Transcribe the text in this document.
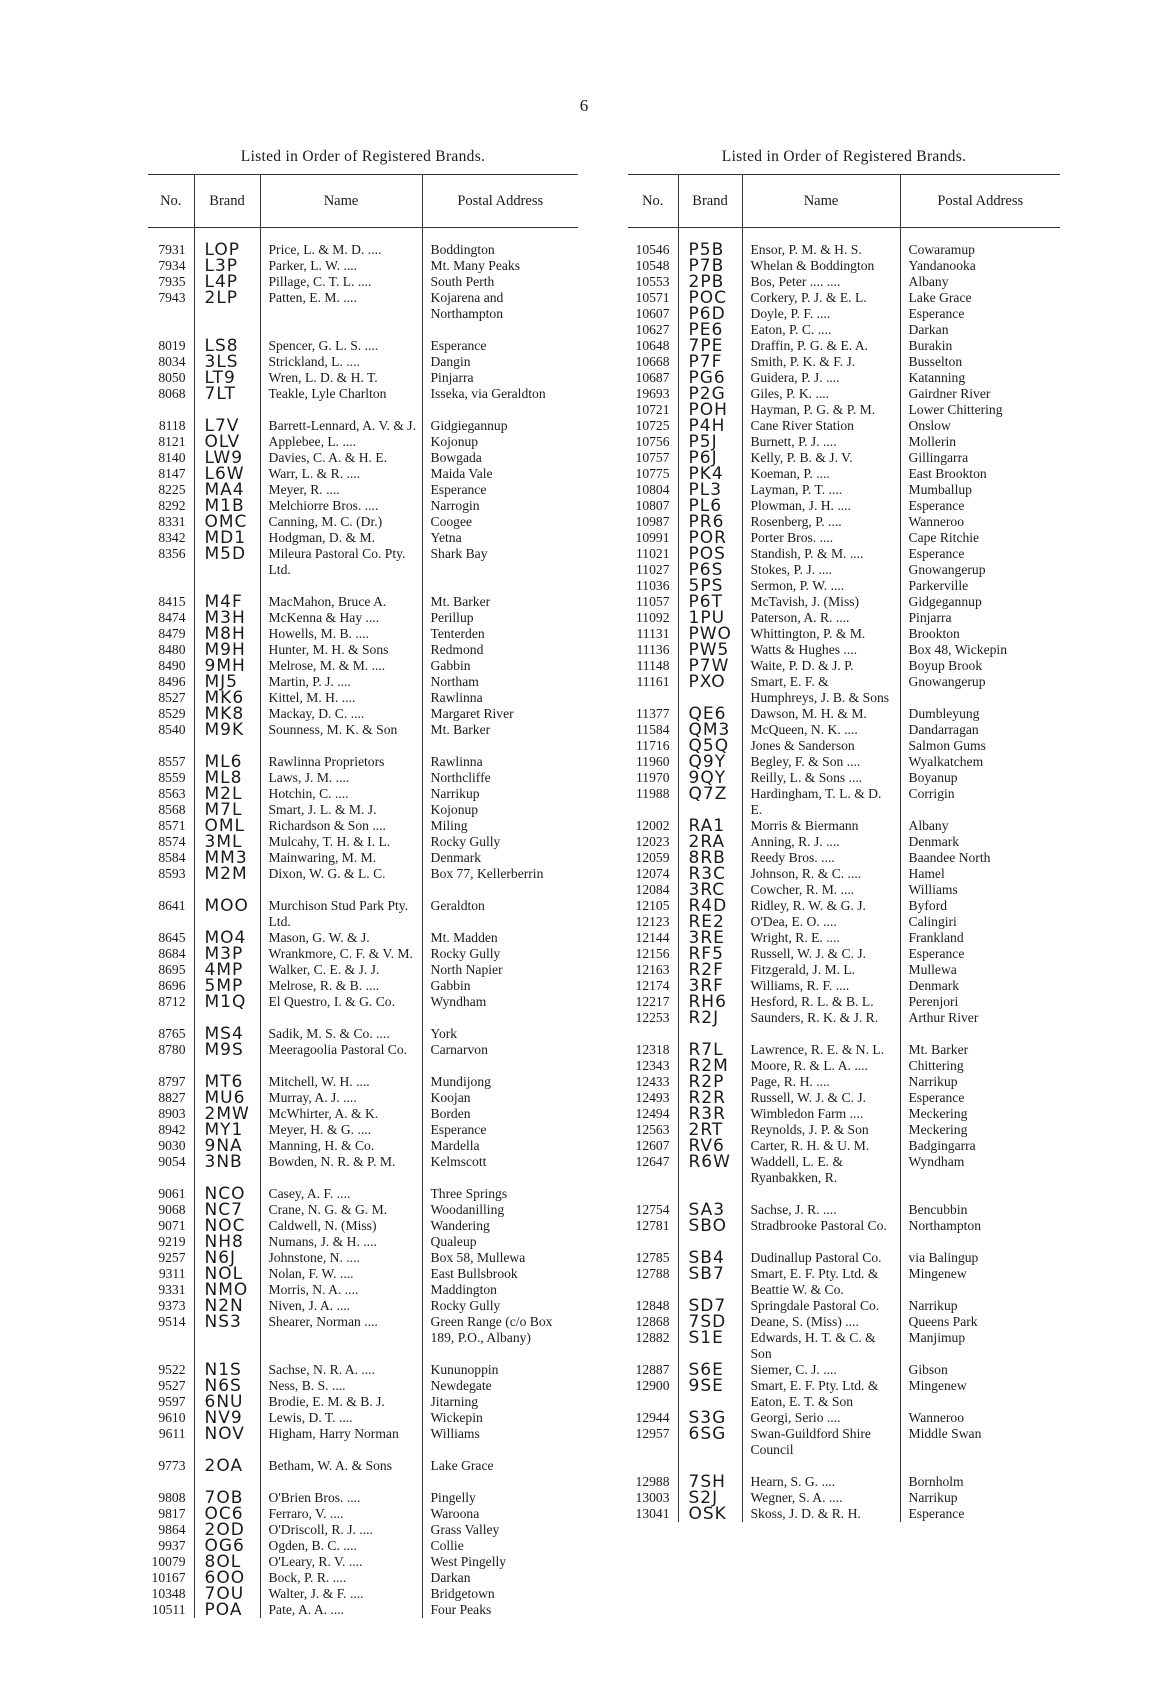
6
Listed in Order of Registered Brands.
No.	Brand	Name	Postal Address
7931	LOP	Price, L. & M. D. ....	Boddington
7934	L3P	Parker, L. W. ....	Mt. Many Peaks
7935	L4P	Pillage, C. T. L. ....	South Perth
7943	2LP	Patten, E. M. ....	Kojarena and Northampton

8019	LS8	Spencer, G. L. S. ....	Esperance
8034	3LS	Strickland, L. ....	Dangin
8050	LT9	Wren, L. D. & H. T.	Pinjarra
8068	7LT	Teakle, Lyle Charlton	Isseka, via Geraldton

8118	L7V	Barrett-Lennard, A. V. & J.	Gidgiegannup
8121	OLV	Applebee, L. ....	Kojonup
8140	LW9	Davies, C. A. & H. E.	Bowgada
8147	L6W	Warr, L. & R. ....	Maida Vale
8225	MA4	Meyer, R. ....	Esperance
8292	M1B	Melchiorre Bros. ....	Narrogin
8331	OMC	Canning, M. C. (Dr.)	Coogee
8342	MD1	Hodgman, D. & M.	Yetna
8356	M5D	Mileura Pastoral Co. Pty. Ltd.	Shark Bay

8415	M4F	MacMahon, Bruce A.	Mt. Barker
8474	M3H	McKenna & Hay ....	Perillup
8479	M8H	Howells, M. B. ....	Tenterden
8480	M9H	Hunter, M. H. & Sons	Redmond
8490	9MH	Melrose, M. & M. ....	Gabbin
8496	MJ5	Martin, P. J. ....	Northam
8527	MK6	Kittel, M. H. ....	Rawlinna
8529	MK8	Mackay, D. C. ....	Margaret River
8540	M9K	Sounness, M. K. & Son	Mt. Barker

8557	ML6	Rawlinna Proprietors	Rawlinna
8559	ML8	Laws, J. M. ....	Northcliffe
8563	M2L	Hotchin, C. ....	Narrikup
8568	M7L	Smart, J. L. & M. J.	Kojonup
8571	OML	Richardson & Son ....	Miling
8574	3ML	Mulcahy, T. H. & I. L.	Rocky Gully
8584	MM3	Mainwaring, M. M.	Denmark
8593	M2M	Dixon, W. G. & L. C.	Box 77, Kellerberrin

8641	MOO	Murchison Stud Park Pty. Ltd.	Geraldton
8645	MO4	Mason, G. W. & J.	Mt. Madden
8684	M3P	Wrankmore, C. F. & V. M.	Rocky Gully
8695	4MP	Walker, C. E. & J. J.	North Napier
8696	5MP	Melrose, R. & B. ....	Gabbin
8712	M1Q	El Questro, I. & G. Co.	Wyndham

8765	MS4	Sadik, M. S. & Co. ....	York
8780	M9S	Meeragoolia Pastoral Co.	Carnarvon

8797	MT6	Mitchell, W. H. ....	Mundijong
8827	MU6	Murray, A. J. ....	Koojan
8903	2MW	McWhirter, A. & K.	Borden
8942	MY1	Meyer, H. & G. ....	Esperance
9030	9NA	Manning, H. & Co.	Mardella
9054	3NB	Bowden, N. R. & P. M.	Kelmscott

9061	NCO	Casey, A. F. ....	Three Springs
9068	NC7	Crane, N. G. & G. M.	Woodanilling
9071	NOC	Caldwell, N. (Miss)	Wandering
9219	NH8	Numans, J. & H. ....	Qualeup
9257	N6J	Johnstone, N. ....	Box 58, Mullewa
9311	NOL	Nolan, F. W. ....	East Bullsbrook
9331	NMO	Morris, N. A. ....	Maddington
9373	N2N	Niven, J. A. ....	Rocky Gully
9514	NS3	Shearer, Norman ....	Green Range (c/o Box 189, P.O., Albany)

9522	N1S	Sachse, N. R. A. ....	Kununoppin
9527	N6S	Ness, B. S. ....	Newdegate
9597	6NU	Brodie, E. M. & B. J.	Jitarning
9610	NV9	Lewis, D. T. ....	Wickepin
9611	NOV	Higham, Harry Norman	Williams

9773	2OA	Betham, W. A. & Sons	Lake Grace

9808	7OB	O'Brien Bros. ....	Pingelly
9817	OC6	Ferraro, V. ....	Waroona
9864	2OD	O'Driscoll, R. J. ....	Grass Valley
9937	OG6	Ogden, B. C. ....	Collie
10079	8OL	O'Leary, R. V. ....	West Pingelly
10167	6OO	Bock, P. R. ....	Darkan
10348	7OU	Walter, J. & F. ....	Bridgetown
10511	POA	Pate, A. A. ....	Four Peaks
Listed in Order of Registered Brands.
No.	Brand	Name	Postal Address
10546	P5B	Ensor, P. M. & H. S.	Cowaramup
10548	P7B	Whelan & Boddington	Yandanooka
10553	2PB	Bos, Peter .... ....	Albany
10571	POC	Corkery, P. J. & E. L.	Lake Grace
10607	P6D	Doyle, P. F. ....	Esperance
10627	PE6	Eaton, P. C. ....	Darkan
10648	7PE	Draffin, P. G. & E. A.	Burakin
10668	P7F	Smith, P. K. & F. J.	Busselton
10687	PG6	Guidera, P. J. ....	Katanning
19693	P2G	Giles, P. K. ....	Gairdner River
10721	POH	Hayman, P. G. & P. M.	Lower Chittering
10725	P4H	Cane River Station	Onslow
10756	P5J	Burnett, P. J. ....	Mollerin
10757	P6J	Kelly, P. B. & J. V.	Gillingarra
10775	PK4	Koeman, P. ....	East Brookton
10804	PL3	Layman, P. T. ....	Mumballup
10807	PL6	Plowman, J. H. ....	Esperance
10987	PR6	Rosenberg, P. ....	Wanneroo
10991	POR	Porter Bros. ....	Cape Ritchie
11021	POS	Standish, P. & M. ....	Esperance
11027	P6S	Stokes, P. J. ....	Gnowangerup
11036	5PS	Sermon, P. W. ....	Parkerville
11057	P6T	McTavish, J. (Miss)	Gidgegannup
11092	1PU	Paterson, A. R. ....	Pinjarra
11131	PWO	Whittington, P. & M.	Brookton
11136	PW5	Watts & Hughes ....	Box 48, Wickepin
11148	P7W	Waite, P. D. & J. P.	Boyup Brook
11161	PXO	Smart, E. F. & Humphreys, J. B. & Sons	Gnowangerup
11377	QE6	Dawson, M. H. & M.	Dumbleyung
11584	QM3	McQueen, N. K. ....	Dandarragan
11716	Q5Q	Jones & Sanderson	Salmon Gums
11960	Q9Y	Begley, F. & Son ....	Wyalkatchem
11970	9QY	Reilly, L. & Sons ....	Boyanup
11988	Q7Z	Hardingham, T. L. & D. E.	Corrigin
12002	RA1	Morris & Biermann	Albany
12023	2RA	Anning, R. J. ....	Denmark
12059	8RB	Reedy Bros. ....	Baandee North
12074	R3C	Johnson, R. & C. ....	Hamel
12084	3RC	Cowcher, R. M. ....	Williams
12105	R4D	Ridley, R. W. & G. J.	Byford
12123	RE2	O'Dea, E. O. ....	Calingiri
12144	3RE	Wright, R. E. ....	Frankland
12156	RF5	Russell, W. J. & C. J.	Esperance
12163	R2F	Fitzgerald, J. M. L.	Mullewa
12174	3RF	Williams, R. F. ....	Denmark
12217	RH6	Hesford, R. L. & B. L.	Perenjori
12253	R2J	Saunders, R. K. & J. R.	Arthur River

12318	R7L	Lawrence, R. E. & N. L.	Mt. Barker
12343	R2M	Moore, R. & L. A. ....	Chittering
12433	R2P	Page, R. H. ....	Narrikup
12493	R2R	Russell, W. J. & C. J.	Esperance
12494	R3R	Wimbledon Farm ....	Meckering
12563	2RT	Reynolds, J. P. & Son	Meckering
12607	RV6	Carter, R. H. & U. M.	Badgingarra
12647	R6W	Waddell, L. E. & Ryanbakken, R.	Wyndham

12754	SA3	Sachse, J. R. ....	Bencubbin
12781	SBO	Stradbrooke Pastoral Co.	Northampton

12785	SB4	Dudinallup Pastoral Co.	via Balingup
12788	SB7	Smart, E. F. Pty. Ltd. & Beattie W. & Co.	Mingenew
12848	SD7	Springdale Pastoral Co.	Narrikup
12868	7SD	Deane, S. (Miss) ....	Queens Park
12882	S1E	Edwards, H. T. & C. & Son	Manjimup
12887	S6E	Siemer, C. J. ....	Gibson
12900	9SE	Smart, E. F. Pty. Ltd. & Eaton, E. T. & Son	Mingenew
12944	S3G	Georgi, Serio ....	Wanneroo
12957	6SG	Swan-Guildford Shire Council	Middle Swan

12988	7SH	Hearn, S. G. ....	Bornholm
13003	S2J	Wegner, S. A. ....	Narrikup
13041	OSK	Skoss, J. D. & R. H.	Esperance
